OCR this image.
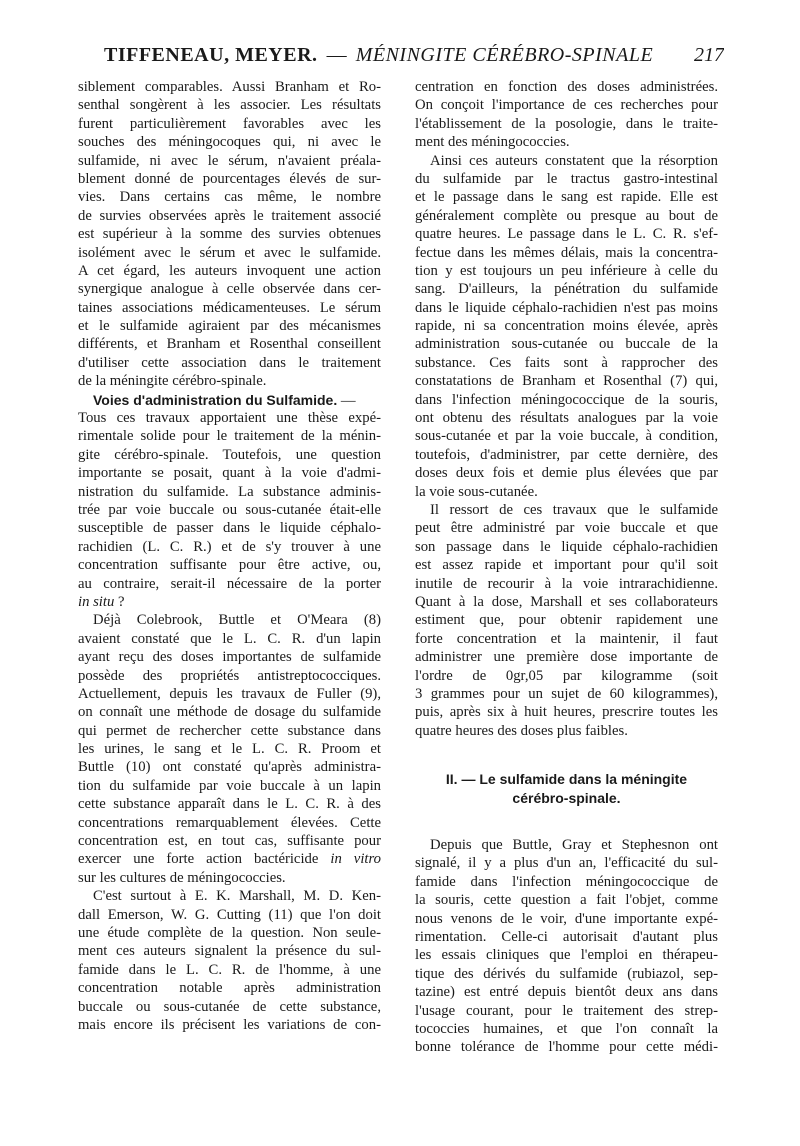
TIFFENEAU, MEYER. — MÉNINGITE CÉRÉBRO-SPINALE 217
siblement comparables. Aussi Branham et Ro-
senthal songèrent à les associer. Les résultats
furent particulièrement favorables avec les
souches des méningocoques qui, ni avec le
sulfamide, ni avec le sérum, n'avaient préala-
blement donné de pourcentages élevés de sur-
vies. Dans certains cas même, le nombre
de survies observées après le traitement associé
est supérieur à la somme des survies obtenues
isolément avec le sérum et avec le sulfamide.
A cet égard, les auteurs invoquent une action
synergique analogue à celle observée dans cer-
taines associations médicamenteuses. Le sérum
et le sulfamide agiraient par des mécanismes
différents, et Branham et Rosenthal conseillent
d'utiliser cette association dans le traitement
de la méningite cérébro-spinale.
Voies d'administration du Sulfamide. —
Tous ces travaux apportaient une thèse expé-
rimentale solide pour le traitement de la ménin-
gite cérébro-spinale. Toutefois, une question
importante se posait, quant à la voie d'admi-
nistration du sulfamide. La substance adminis-
trée par voie buccale ou sous-cutanée était-elle
susceptible de passer dans le liquide céphalo-
rachidien (L. C. R.) et de s'y trouver à une
concentration suffisante pour être active, ou,
au contraire, serait-il nécessaire de la porter
in situ ?
Déjà Colebrook, Buttle et O'Meara (8)
avaient constaté que le L. C. R. d'un lapin
ayant reçu des doses importantes de sulfamide
possède des propriétés antistreptococciques.
Actuellement, depuis les travaux de Fuller (9),
on connaît une méthode de dosage du sulfamide
qui permet de rechercher cette substance dans
les urines, le sang et le L. C. R. Proom et
Buttle (10) ont constaté qu'après administra-
tion du sulfamide par voie buccale à un lapin
cette substance apparaît dans le L. C. R. à des
concentrations remarquablement élevées. Cette
concentration est, en tout cas, suffisante pour
exercer une forte action bactéricide in vitro
sur les cultures de méningococcies.
C'est surtout à E. K. Marshall, M. D. Ken-
dall Emerson, W. G. Cutting (11) que l'on doit
une étude complète de la question. Non seule-
ment ces auteurs signalent la présence du sul-
famide dans le L. C. R. de l'homme, à une
concentration notable après administration
buccale ou sous-cutanée de cette substance,
mais encore ils précisent les variations de con-
centration en fonction des doses administrées.
On conçoit l'importance de ces recherches pour
l'établissement de la posologie, dans le traite-
ment des méningococcies.
Ainsi ces auteurs constatent que la résorption
du sulfamide par le tractus gastro-intestinal
et le passage dans le sang est rapide. Elle est
généralement complète ou presque au bout de
quatre heures. Le passage dans le L. C. R. s'ef-
fectue dans les mêmes délais, mais la concentra-
tion y est toujours un peu inférieure à celle du
sang. D'ailleurs, la pénétration du sulfamide
dans le liquide céphalo-rachidien n'est pas moins
rapide, ni sa concentration moins élevée, après
administration sous-cutanée ou buccale de la
substance. Ces faits sont à rapprocher des
constatations de Branham et Rosenthal (7) qui,
dans l'infection méningococcique de la souris,
ont obtenu des résultats analogues par la voie
sous-cutanée et par la voie buccale, à condition,
toutefois, d'administrer, par cette dernière, des
doses deux fois et demie plus élevées que par
la voie sous-cutanée.
Il ressort de ces travaux que le sulfamide
peut être administré par voie buccale et que
son passage dans le liquide céphalo-rachidien
est assez rapide et important pour qu'il soit
inutile de recourir à la voie intrarachidienne.
Quant à la dose, Marshall et ses collaborateurs
estiment que, pour obtenir rapidement une
forte concentration et la maintenir, il faut
administrer une première dose importante de
l'ordre de 0gr,05 par kilogramme (soit
3 grammes pour un sujet de 60 kilogrammes),
puis, après six à huit heures, prescrire toutes les
quatre heures des doses plus faibles.
II. — Le sulfamide dans la méningite
cérébro-spinale.
Depuis que Buttle, Gray et Stephesnon ont
signalé, il y a plus d'un an, l'efficacité du sul-
famide dans l'infection méningococcique de
la souris, cette question a fait l'objet, comme
nous venons de le voir, d'une importante expé-
rimentation. Celle-ci autorisait d'autant plus
les essais cliniques que l'emploi en thérapeu-
tique des dérivés du sulfamide (rubiazol, sep-
tazine) est entré depuis bientôt deux ans dans
l'usage courant, pour le traitement des strep-
tococcies humaines, et que l'on connaît la
bonne tolérance de l'homme pour cette médi-
